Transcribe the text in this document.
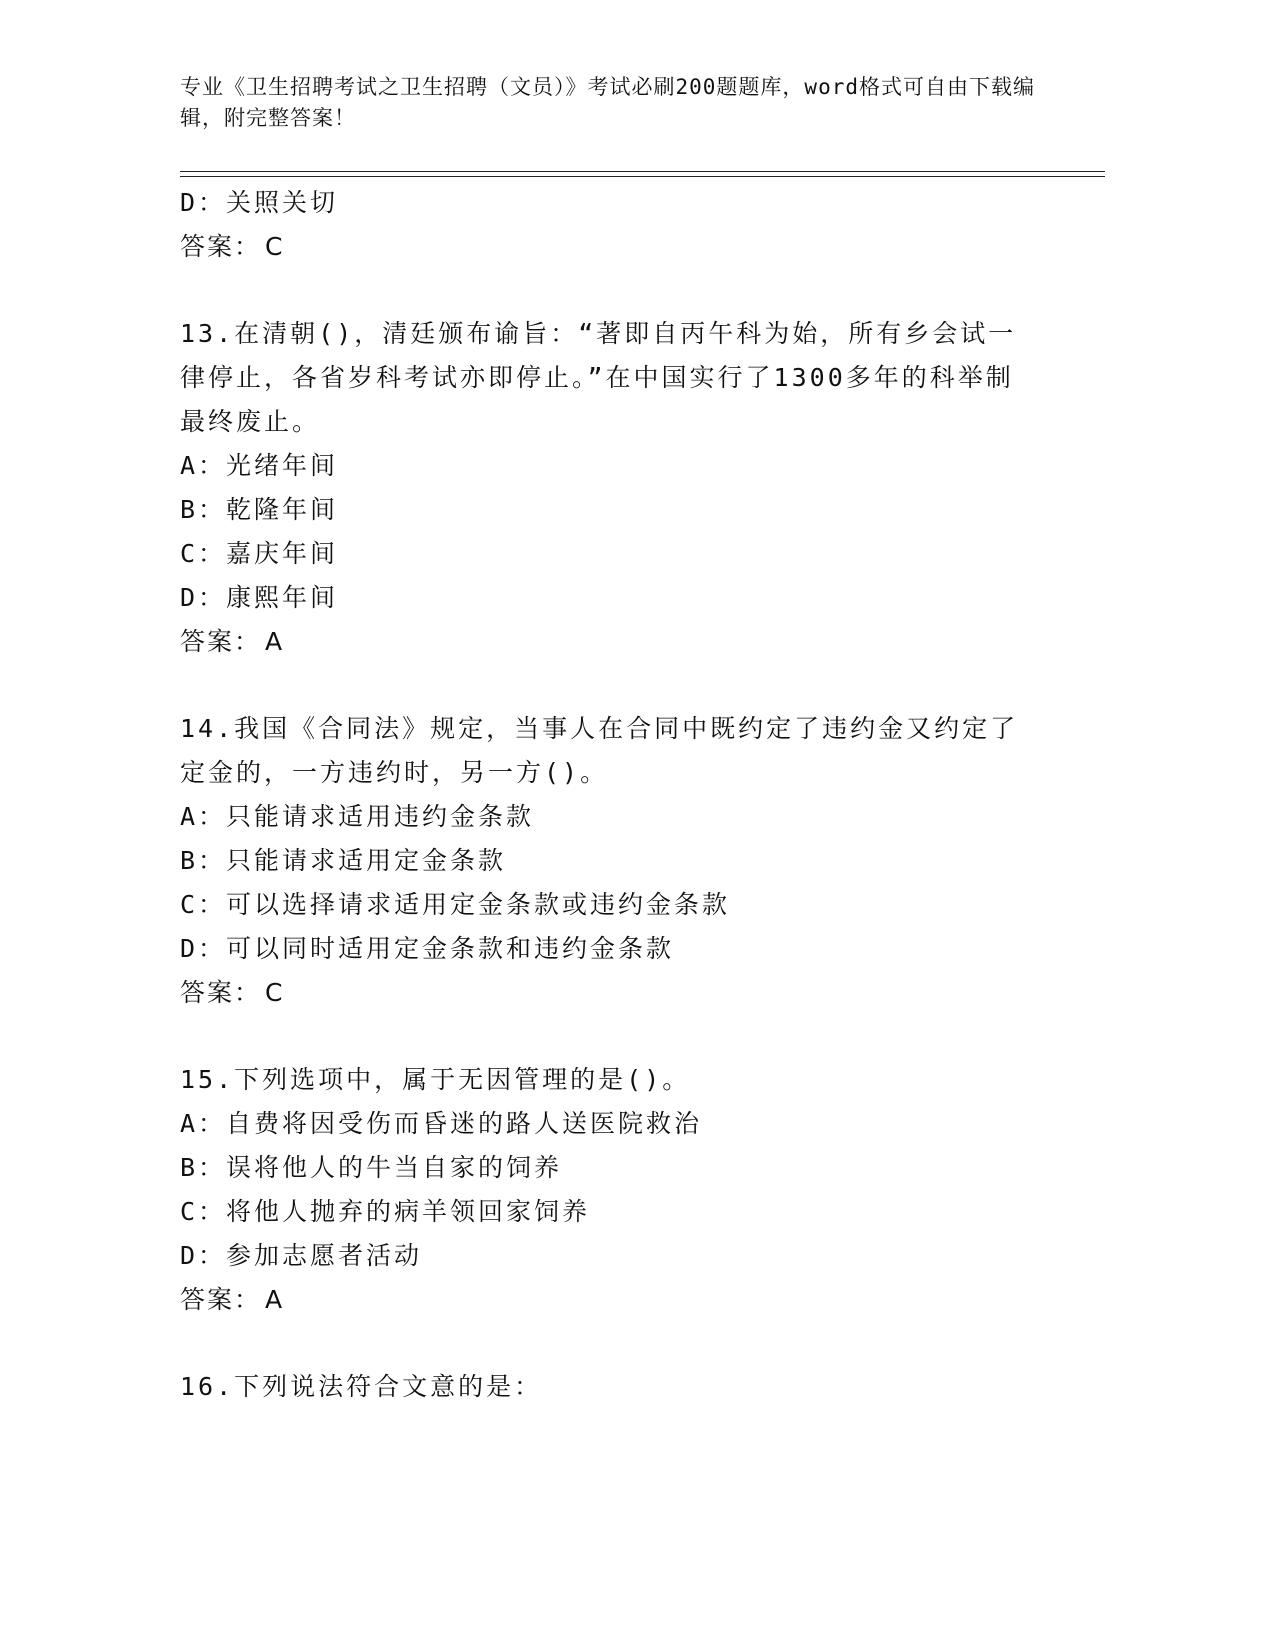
专业《卫生招聘考试之卫生招聘（文员）》考试必刷200题题库，word格式可自由下载编辑，附完整答案！
D：关照关切
答案： C
13.在清朝()，清廷颁布谕旨：“著即自丙午科为始，所有乡会试一律停止，各省岁科考试亦即停止。”在中国实行了1300多年的科举制最终废止。
A：光绪年间
B：乾隆年间
C：嘉庆年间
D：康熙年间
答案： A
14.我国《合同法》规定，当事人在合同中既约定了违约金又约定了定金的，一方违约时，另一方()。
A：只能请求适用违约金条款
B：只能请求适用定金条款
C：可以选择请求适用定金条款或违约金条款
D：可以同时适用定金条款和违约金条款
答案： C
15.下列选项中，属于无因管理的是()。
A：自费将因受伤而昏迷的路人送医院救治
B：误将他人的牛当自家的饲养
C：将他人抛弃的病羊领回家饲养
D：参加志愿者活动
答案： A
16.下列说法符合文意的是：
